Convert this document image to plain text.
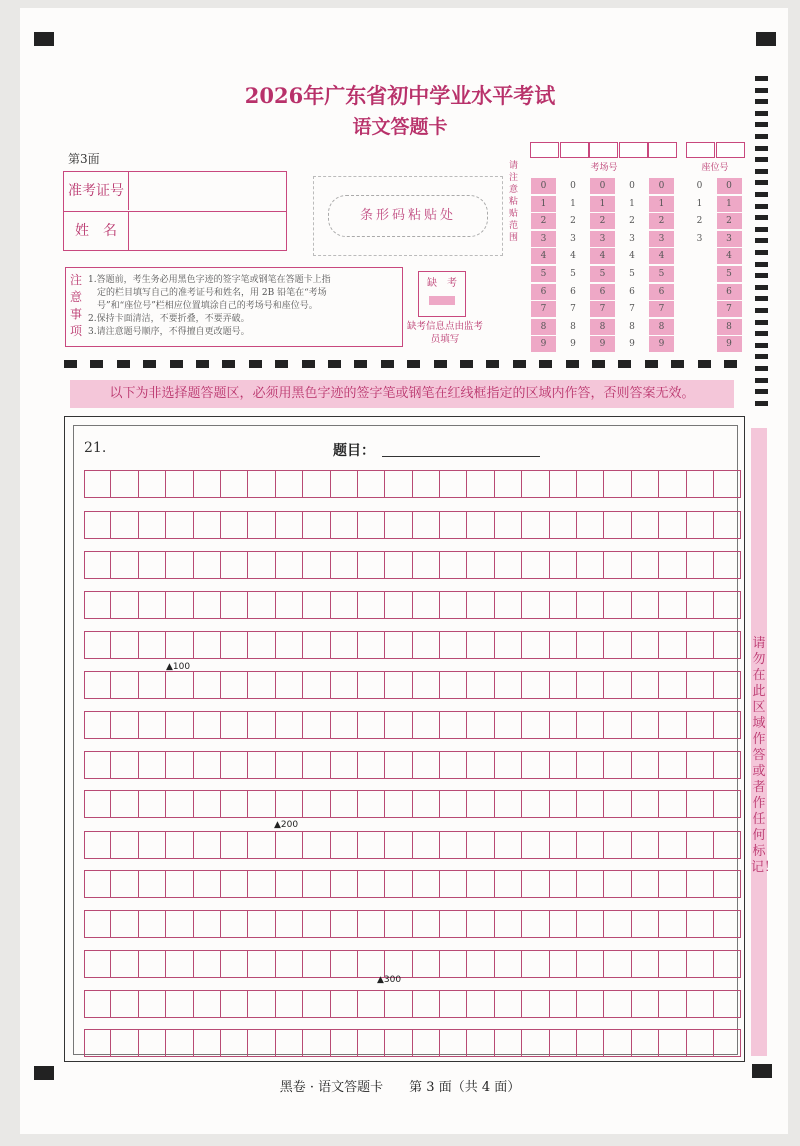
2026年广东省初中学业水平考试
语文答题卡
第3面
准考证号
姓　名
条形码粘贴处
请注意粘贴范围
考场号
0
1
2
3
4
5
6
7
8
9
0
1
2
3
4
5
6
7
8
9
0
1
2
3
4
5
6
7
8
9
0
1
2
3
4
5
6
7
8
9
0
1
2
3
4
5
6
7
8
9
座位号
0
1
2
3
0
1
2
3
4
5
6
7
8
9
注意事项
1.答题前，考生务必用黑色字迹的签字笔或钢笔在答题卡上指
　定的栏目填写自己的准考证号和姓名，用 2B 铅笔在“考场
　号”和“座位号”栏相应位置填涂自己的考场号和座位号。
2.保持卡面清洁，不要折叠，不要弄破。
3.请注意题号顺序，不得擅自更改题号。
缺　考
缺考信息点由监考员填写
以下为非选择题答题区，必须用黑色字迹的签字笔或钢笔在红线框指定的区域内作答，否则答案无效。
21.	题目：
▲100
▲200
▲300
请勿在此区域作答或者作任何标记！
黑卷 · 语文答题卡　　第 3 面（共 4 面）
